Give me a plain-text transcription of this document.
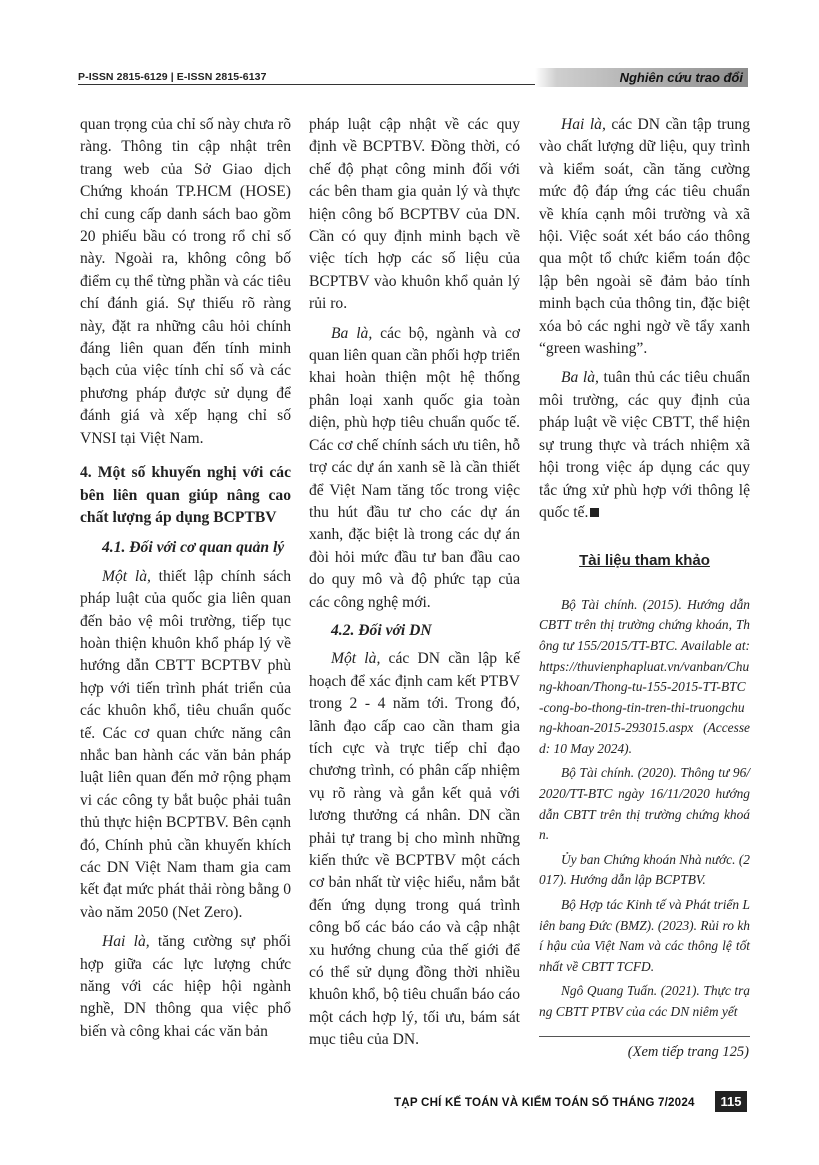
P-ISSN 2815-6129 | E-ISSN 2815-6137	Nghiên cứu trao đổi

quan trọng của chỉ số này chưa rõ ràng. Thông tin cập nhật trên trang web của Sở Giao dịch Chứng khoán TP.HCM (HOSE) chỉ cung cấp danh sách bao gồm 20 phiếu bầu có trong rổ chỉ số này. Ngoài ra, không công bố điểm cụ thể từng phần và các tiêu chí đánh giá. Sự thiếu rõ ràng này, đặt ra những câu hỏi chính đáng liên quan đến tính minh bạch của việc tính chỉ số và các phương pháp được sử dụng để đánh giá và xếp hạng chỉ số VNSI tại Việt Nam.

4. Một số khuyến nghị với các bên liên quan giúp nâng cao chất lượng áp dụng BCPTBV
4.1. Đối với cơ quan quản lý

Một là, thiết lập chính sách pháp luật của quốc gia liên quan đến bảo vệ môi trường, tiếp tục hoàn thiện khuôn khổ pháp lý về hướng dẫn CBTT BCPTBV phù hợp với tiến trình phát triển của các khuôn khổ, tiêu chuẩn quốc tế. Các cơ quan chức năng cân nhắc ban hành các văn bản pháp luật liên quan đến mở rộng phạm vi các công ty bắt buộc phải tuân thủ thực hiện BCPTBV. Bên cạnh đó, Chính phủ cần khuyến khích các DN Việt Nam tham gia cam kết đạt mức phát thải ròng bằng 0 vào năm 2050 (Net Zero).

Hai là, tăng cường sự phối hợp giữa các lực lượng chức năng với các hiệp hội ngành nghề, DN thông qua việc phổ biến và công khai các văn bản

pháp luật cập nhật về các quy định về BCPTBV. Đồng thời, có chế độ phạt công minh đối với các bên tham gia quản lý và thực hiện công bố BCPTBV của DN. Cần có quy định minh bạch về việc tích hợp các số liệu của BCPTBV vào khuôn khổ quản lý rủi ro.

Ba là, các bộ, ngành và cơ quan liên quan cần phối hợp triển khai hoàn thiện một hệ thống phân loại xanh quốc gia toàn diện, phù hợp tiêu chuẩn quốc tế. Các cơ chế chính sách ưu tiên, hỗ trợ các dự án xanh sẽ là cần thiết để Việt Nam tăng tốc trong việc thu hút đầu tư cho các dự án xanh, đặc biệt là trong các dự án đòi hỏi mức đầu tư ban đầu cao do quy mô và độ phức tạp của các công nghệ mới.

4.2. Đối với DN

Một là, các DN cần lập kế hoạch để xác định cam kết PTBV trong 2 - 4 năm tới. Trong đó, lãnh đạo cấp cao cần tham gia tích cực và trực tiếp chỉ đạo chương trình, có phân cấp nhiệm vụ rõ ràng và gắn kết quả với lương thưởng cá nhân. DN cần phải tự trang bị cho mình những kiến thức về BCPTBV một cách cơ bản nhất từ việc hiểu, nắm bắt đến ứng dụng trong quá trình công bố các báo cáo và cập nhật xu hướng chung của thế giới để có thể sử dụng đồng thời nhiều khuôn khổ, bộ tiêu chuẩn báo cáo một cách hợp lý, tối ưu, bám sát mục tiêu của DN.

Hai là, các DN cần tập trung vào chất lượng dữ liệu, quy trình và kiểm soát, cần tăng cường mức độ đáp ứng các tiêu chuẩn về khía cạnh môi trường và xã hội. Việc soát xét báo cáo thông qua một tổ chức kiểm toán độc lập bên ngoài sẽ đảm bảo tính minh bạch của thông tin, đặc biệt xóa bỏ các nghi ngờ về tẩy xanh “green washing”.

Ba là, tuân thủ các tiêu chuẩn môi trường, các quy định của pháp luật về việc CBTT, thể hiện sự trung thực và trách nhiệm xã hội trong việc áp dụng các quy tắc ứng xử phù hợp với thông lệ quốc tế.

Tài liệu tham khảo

Bộ Tài chính. (2015). Hướng dẫn CBTT trên thị trường chứng khoán, Thông tư 155/2015/TT-BTC. Available at:https://thuvienphapluat.vn/vanban/Chung-khoan/Thong-tu-155-2015-TT-BTC-cong-bo-thong-tin-tren-thi-truongchung-khoan-2015-293015.aspx (Accessed: 10 May 2024).

Bộ Tài chính. (2020). Thông tư 96/2020/TT-BTC ngày 16/11/2020 hướng dẫn CBTT trên thị trường chứng khoán.

Ủy ban Chứng khoán Nhà nước. (2017). Hướng dẫn lập BCPTBV.

Bộ Hợp tác Kinh tế và Phát triển Liên bang Đức (BMZ). (2023). Rủi ro khí hậu của Việt Nam và các thông lệ tốt nhất về CBTT TCFD.

Ngô Quang Tuấn. (2021). Thực trạng CBTT PTBV của các DN niêm yết

(Xem tiếp trang 125)
TẠP CHÍ KẾ TOÁN VÀ KIỂM TOÁN SỐ THÁNG 7/2024	115
